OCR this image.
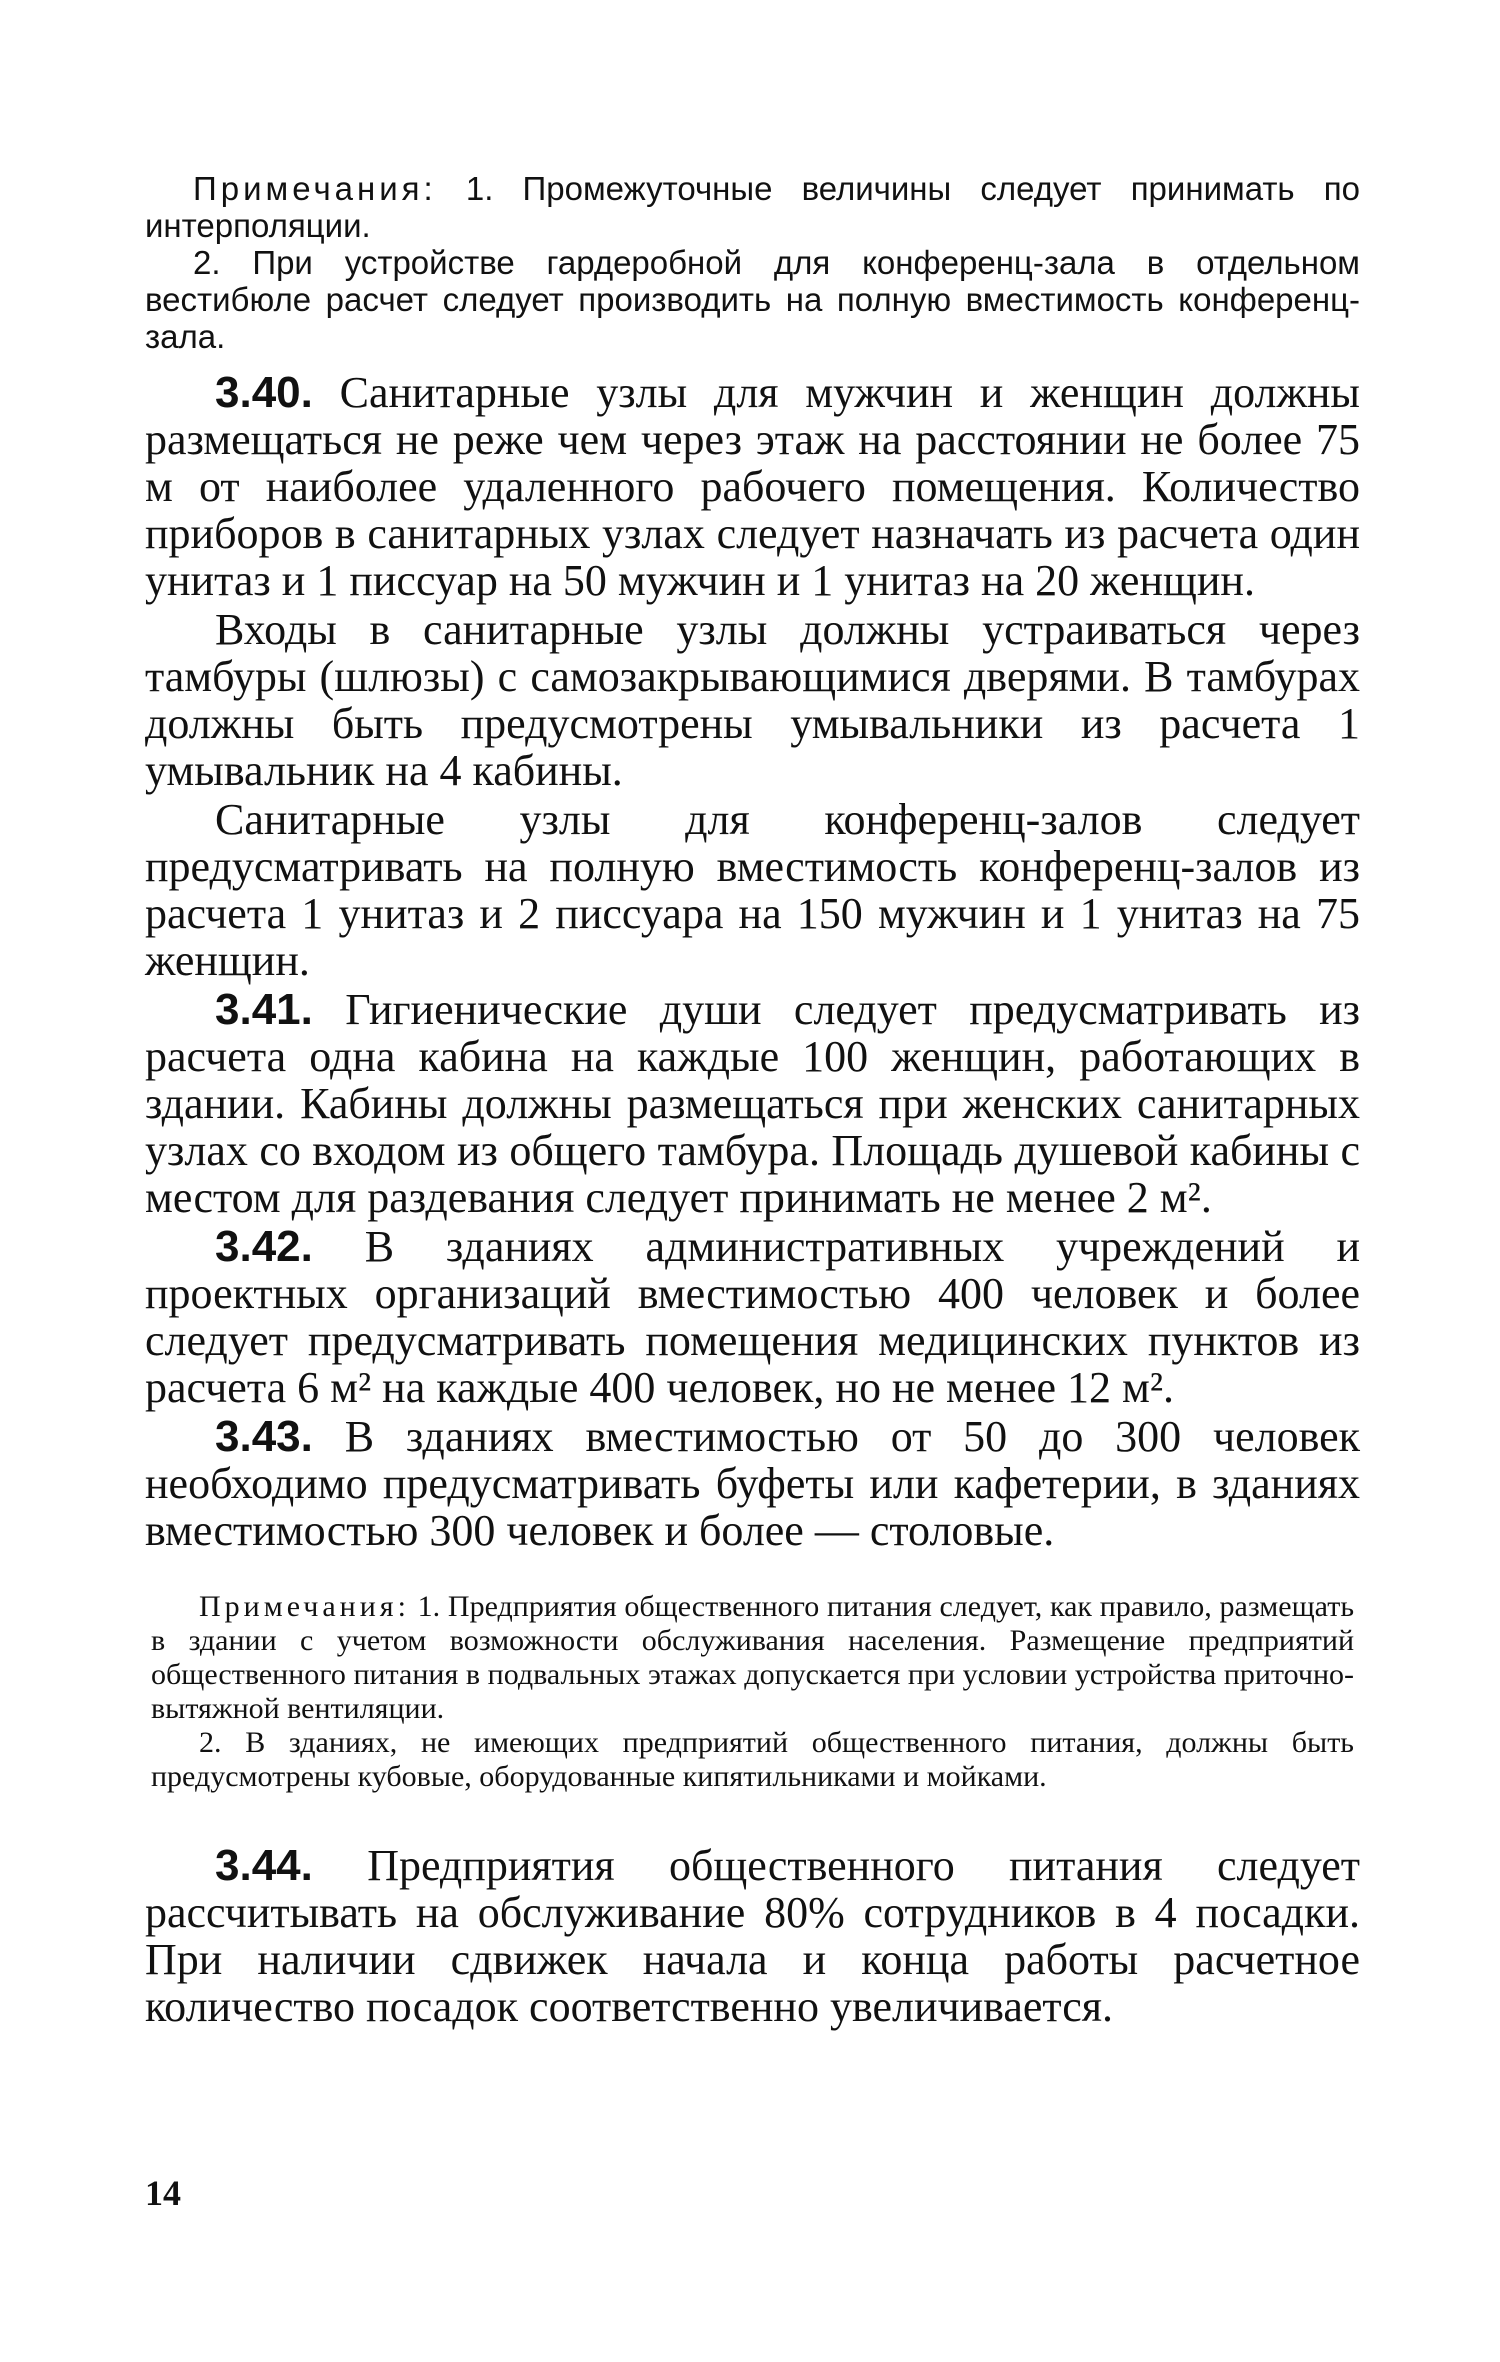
Примечания: 1. Промежуточные величины следует принимать по интерполяции.

2. При устройстве гардеробной для конференц-зала в отдельном вестибюле расчет следует производить на полную вместимость конференц-зала.

3.40. Санитарные узлы для мужчин и женщин должны размещаться не реже чем через этаж на расстоянии не более 75 м от наиболее удаленного рабочего помещения. Количество приборов в санитарных узлах следует назначать из расчета один унитаз и 1 писсуар на 50 мужчин и 1 унитаз на 20 женщин.

Входы в санитарные узлы должны устраиваться через тамбуры (шлюзы) с самозакрывающимися дверями. В тамбурах должны быть предусмотрены умывальники из расчета 1 умывальник на 4 кабины.

Санитарные узлы для конференц-залов следует предусматривать на полную вместимость конференц-залов из расчета 1 унитаз и 2 писсуара на 150 мужчин и 1 унитаз на 75 женщин.

3.41. Гигиенические души следует предусматривать из расчета одна кабина на каждые 100 женщин, работающих в здании. Кабины должны размещаться при женских санитарных узлах со входом из общего тамбура. Площадь душевой кабины с местом для раздевания следует принимать не менее 2 м².

3.42. В зданиях административных учреждений и проектных организаций вместимостью 400 человек и более следует предусматривать помещения медицинских пунктов из расчета 6 м² на каждые 400 человек, но не менее 12 м².

3.43. В зданиях вместимостью от 50 до 300 человек необходимо предусматривать буфеты или кафетерии, в зданиях вместимостью 300 человек и более — столовые.

Примечания: 1. Предприятия общественного питания следует, как правило, размещать в здании с учетом возможности обслуживания населения. Размещение предприятий общественного питания в подвальных этажах допускается при условии устройства приточно-вытяжной вентиляции.

2. В зданиях, не имеющих предприятий общественного питания, должны быть предусмотрены кубовые, оборудованные кипятильниками и мойками.

3.44. Предприятия общественного питания следует рассчитывать на обслуживание 80% сотрудников в 4 посадки. При наличии сдвижек начала и конца работы расчетное количество посадок соответственно увеличивается.

14
